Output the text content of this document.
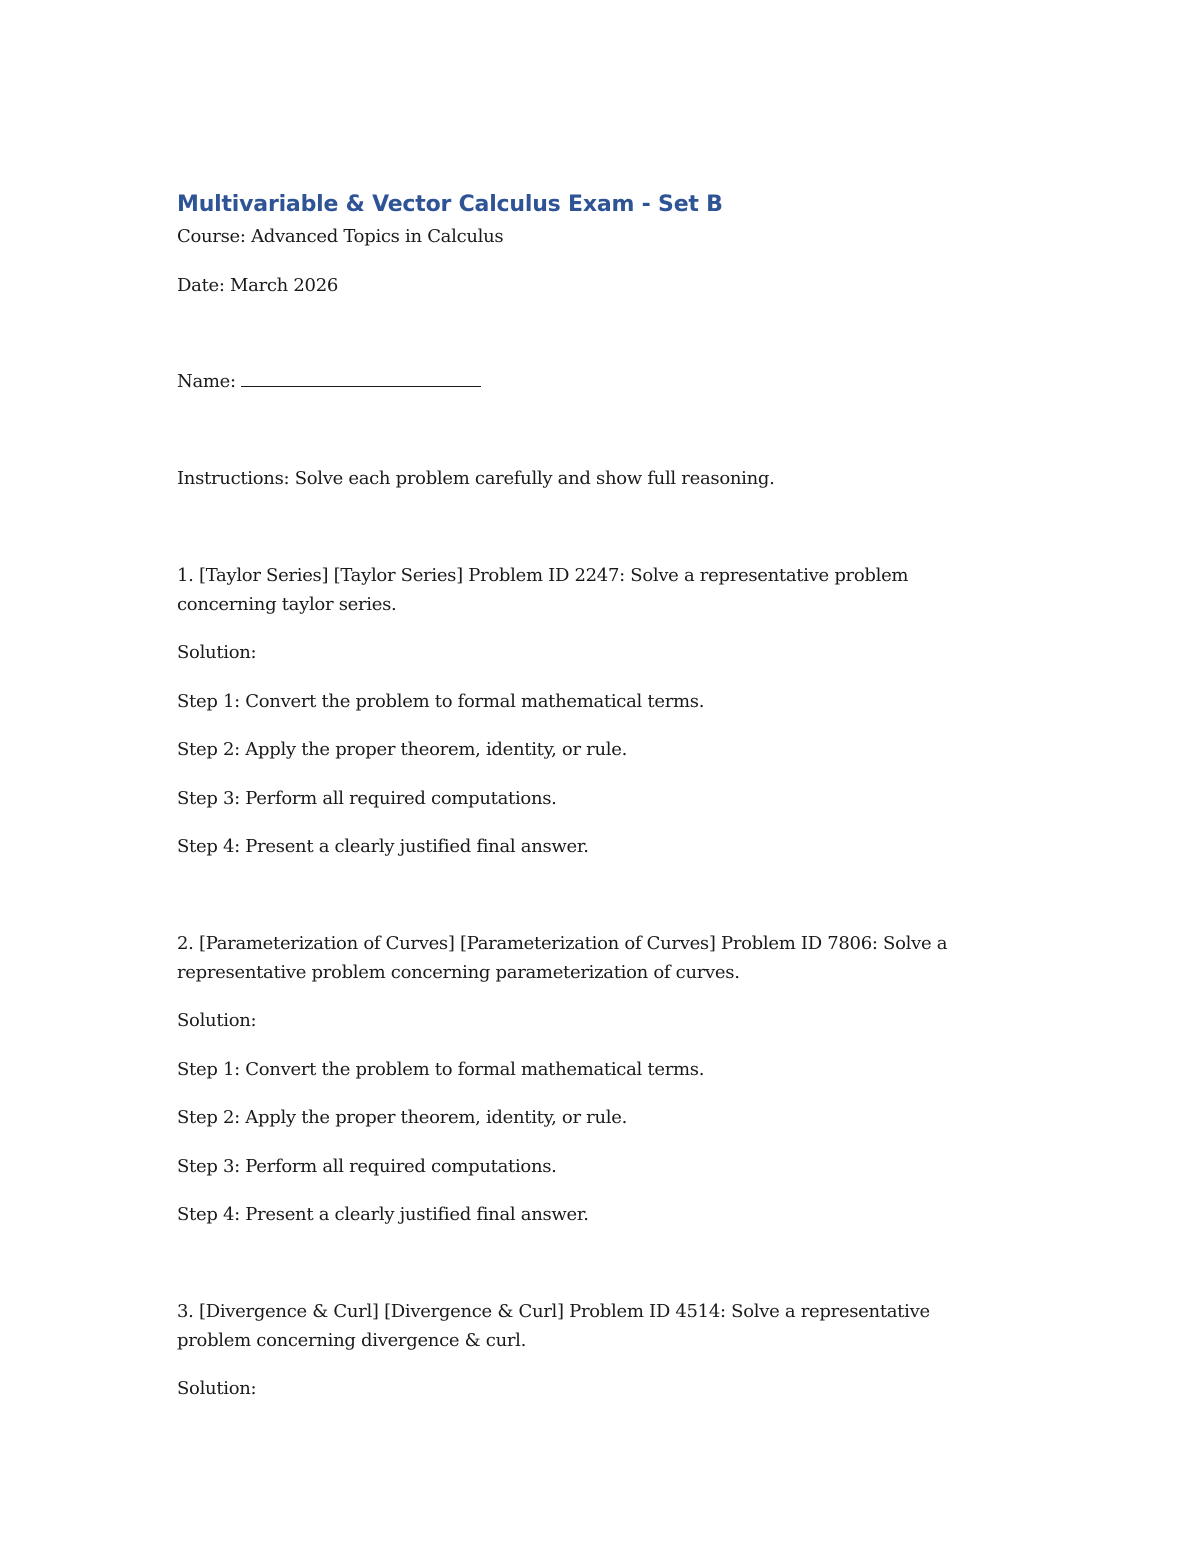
Multivariable & Vector Calculus Exam - Set B

Course: Advanced Topics in Calculus

Date: March 2026

Name:

Instructions: Solve each problem carefully and show full reasoning.

1. [Taylor Series] [Taylor Series] Problem ID 2247: Solve a representative problem concerning taylor series.

Solution:

Step 1: Convert the problem to formal mathematical terms.

Step 2: Apply the proper theorem, identity, or rule.

Step 3: Perform all required computations.

Step 4: Present a clearly justified final answer.

2. [Parameterization of Curves] [Parameterization of Curves] Problem ID 7806: Solve a representative problem concerning parameterization of curves.

Solution:

Step 1: Convert the problem to formal mathematical terms.

Step 2: Apply the proper theorem, identity, or rule.

Step 3: Perform all required computations.

Step 4: Present a clearly justified final answer.

3. [Divergence & Curl] [Divergence & Curl] Problem ID 4514: Solve a representative problem concerning divergence & curl.

Solution:
